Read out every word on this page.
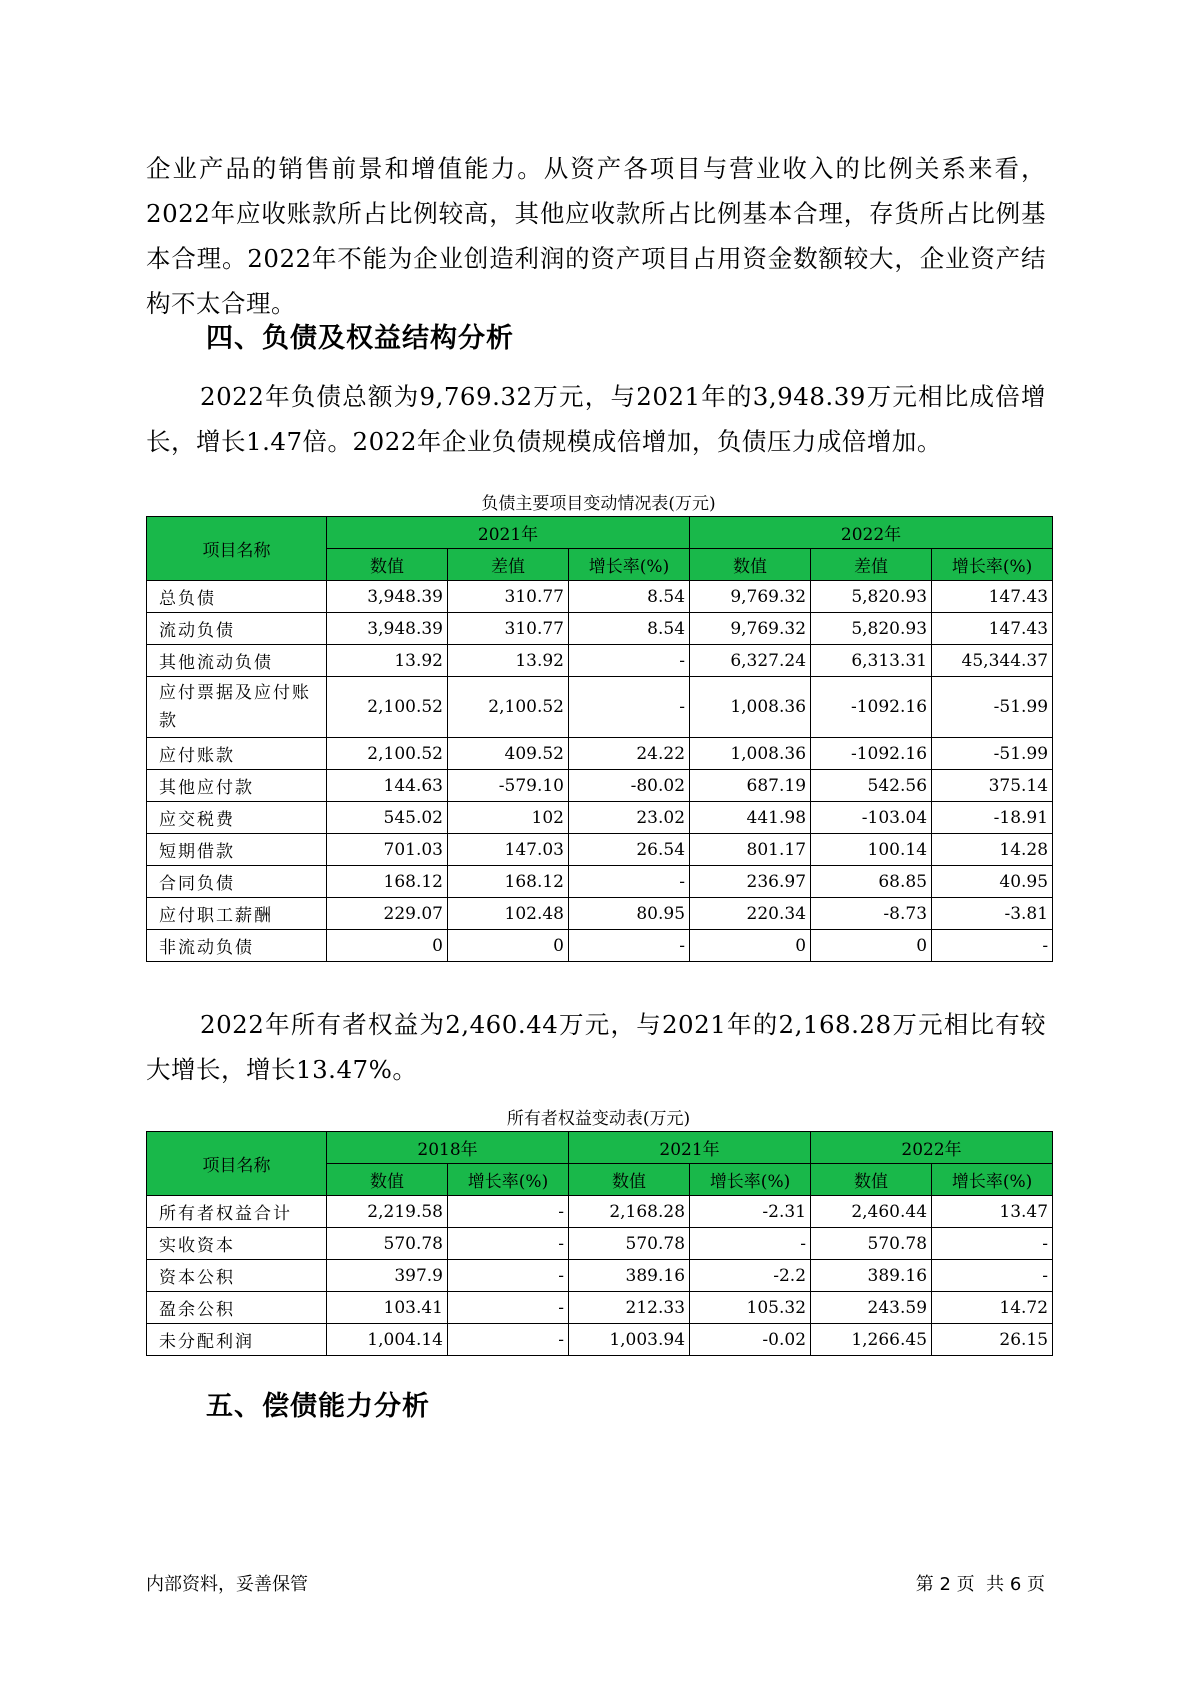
企业产品的销售前景和增值能力。从资产各项目与营业收入的比例关系来看，2022年应收账款所占比例较高，其他应收款所占比例基本合理，存货所占比例基本合理。2022年不能为企业创造利润的资产项目占用资金数额较大，企业资产结构不太合理。
四、负债及权益结构分析
2022年负债总额为9,769.32万元，与2021年的3,948.39万元相比成倍增长，增长1.47倍。2022年企业负债规模成倍增加，负债压力成倍增加。
负债主要项目变动情况表(万元)
项目名称	2021年			2022年		
	数值	差值	增长率(%)	数值	差值	增长率(%)
总负债	3,948.39	310.77	8.54	9,769.32	5,820.93	147.43
流动负债	3,948.39	310.77	8.54	9,769.32	5,820.93	147.43
其他流动负债	13.92	13.92	-	6,327.24	6,313.31	45,344.37
应付票据及应付账款	2,100.52	2,100.52	-	1,008.36	-1092.16	-51.99
应付账款	2,100.52	409.52	24.22	1,008.36	-1092.16	-51.99
其他应付款	144.63	-579.10	-80.02	687.19	542.56	375.14
应交税费	545.02	102	23.02	441.98	-103.04	-18.91
短期借款	701.03	147.03	26.54	801.17	100.14	14.28
合同负债	168.12	168.12	-	236.97	68.85	40.95
应付职工薪酬	229.07	102.48	80.95	220.34	-8.73	-3.81
非流动负债	0	0	-	0	0	-
2022年所有者权益为2,460.44万元，与2021年的2,168.28万元相比有较大增长，增长13.47%。
所有者权益变动表(万元)
项目名称	2018年		2021年		2022年	
	数值	增长率(%)	数值	增长率(%)	数值	增长率(%)
所有者权益合计	2,219.58	-	2,168.28	-2.31	2,460.44	13.47
实收资本	570.78	-	570.78	-	570.78	-
资本公积	397.9	-	389.16	-2.2	389.16	-
盈余公积	103.41	-	212.33	105.32	243.59	14.72
未分配利润	1,004.14	-	1,003.94	-0.02	1,266.45	26.15
五、偿债能力分析
内部资料，妥善保管	第 2 页  共 6 页
